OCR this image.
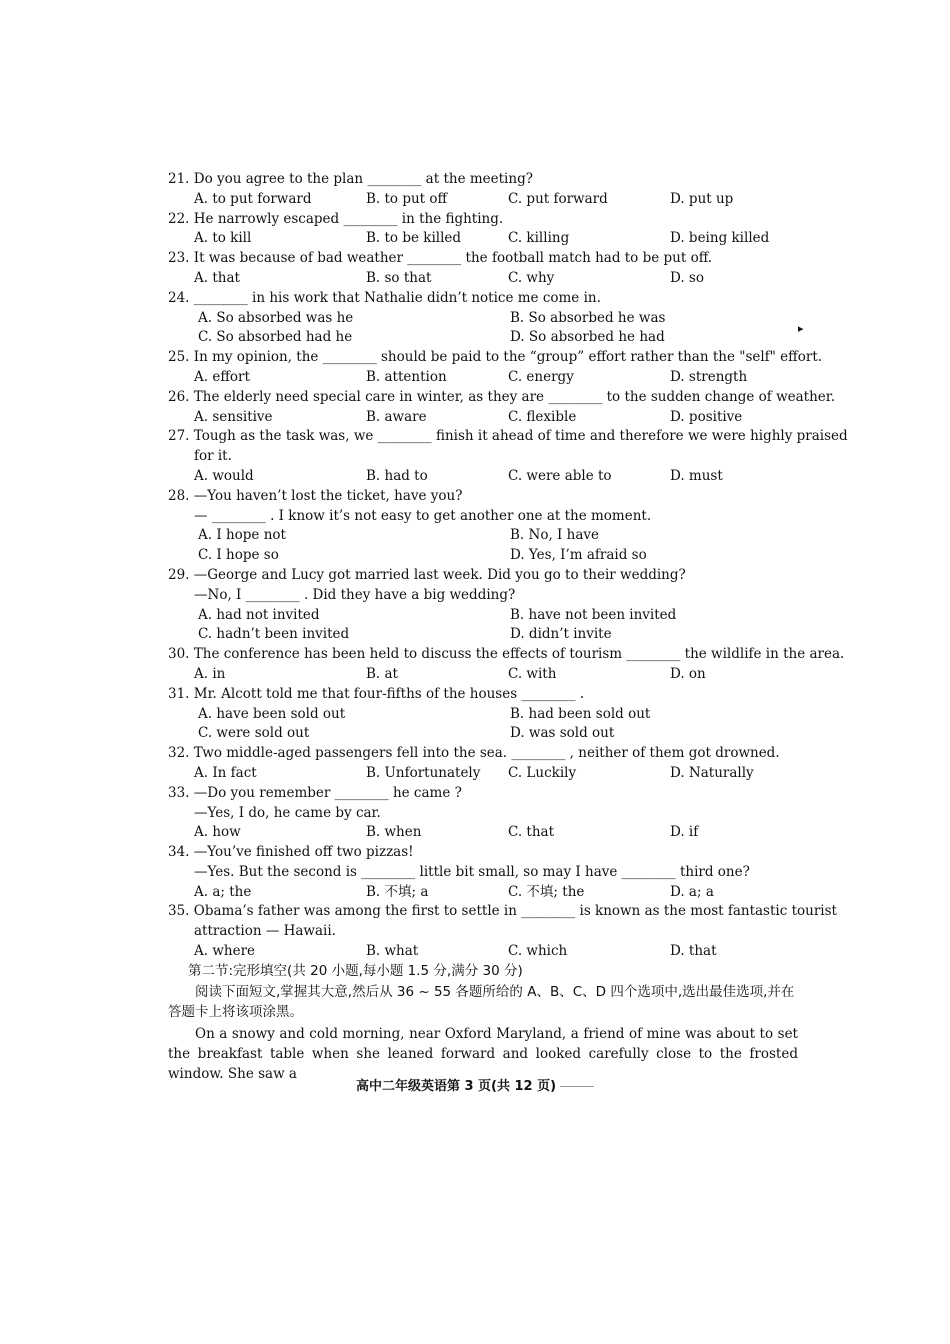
21. Do you agree to the plan ________ at the meeting?
A. to put forward	B. to put off	C. put forward	D. put up
22. He narrowly escaped ________ in the fighting.
A. to kill	B. to be killed	C. killing	D. being killed
23. It was because of bad weather ________ the football match had to be put off.
A. that	B. so that	C. why	D. so
24. ________ in his work that Nathalie didn’t notice me come in.
A. So absorbed was he	B. So absorbed he was
C. So absorbed had he	D. So absorbed he had
25. In my opinion, the ________ should be paid to the “group” effort rather than the "self" effort.
A. effort	B. attention	C. energy	D. strength
26. The elderly need special care in winter, as they are ________ to the sudden change of weather.
A. sensitive	B. aware	C. flexible	D. positive
27. Tough as the task was, we ________ finish it ahead of time and therefore we were highly praised
for it.
A. would	B. had to	C. were able to	D. must
28. —You haven’t lost the ticket, have you?
— ________ . I know it’s not easy to get another one at the moment.
A. I hope not	B. No, I have
C. I hope so	D. Yes, I’m afraid so
29. —George and Lucy got married last week. Did you go to their wedding?
—No, I ________ . Did they have a big wedding?
A. had not invited	B. have not been invited
C. hadn’t been invited	D. didn’t invite
30. The conference has been held to discuss the effects of tourism ________ the wildlife in the area.
A. in	B. at	C. with	D. on
31. Mr. Alcott told me that four-fifths of the houses ________ .
A. have been sold out	B. had been sold out
C. were sold out	D. was sold out
32. Two middle-aged passengers fell into the sea. ________ , neither of them got drowned.
A. In fact	B. Unfortunately C. Luckily	D. Naturally
33. —Do you remember ________ he came ?
—Yes, I do, he came by car.
A. how	B. when	C. that	D. if
34. —You’ve finished off two pizzas!
—Yes. But the second is ________ little bit small, so may I have ________ third one?
A. a; the	B. 不填; a	C. 不填; the	D. a; a
35. Obama’s father was among the first to settle in ________ is known as the most fantastic tourist
attraction — Hawaii.
A. where	B. what	C. which	D. that
第二节:完形填空(共 20 小题,每小题 1.5 分,满分 30 分)
阅读下面短文,掌握其大意,然后从 36 ~ 55 各题所给的 A、B、C、D 四个选项中,选出最佳选项,并在答题卡上将该项涂黑。
On a snowy and cold morning, near Oxford Maryland, a friend of mine was about to set the breakfast table when she leaned forward and looked carefully close to the frosted window. She saw a
▸
高中二年级英语第 3 页(共 12 页)
